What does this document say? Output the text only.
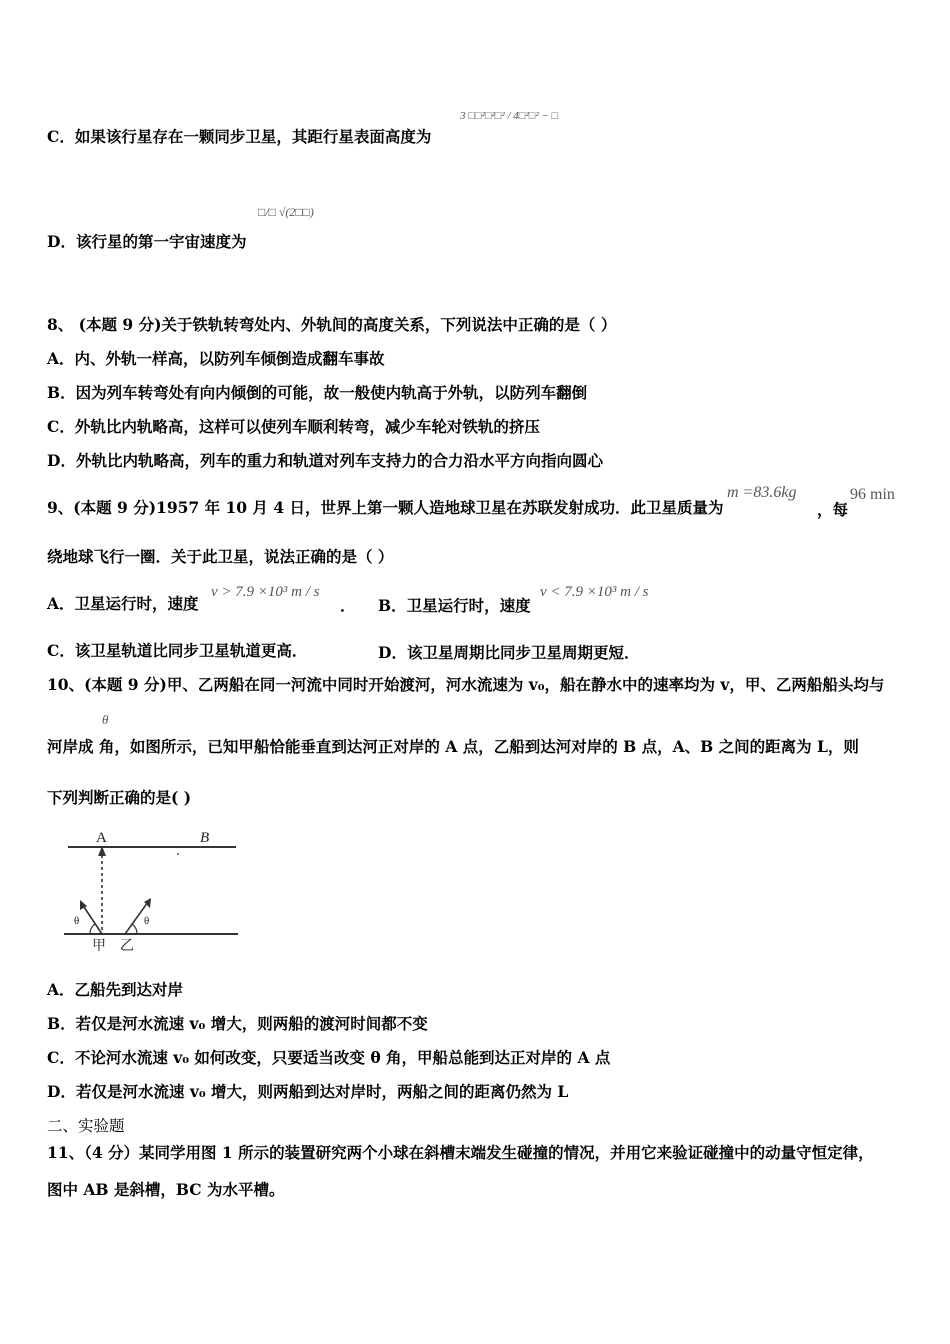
C．如果该行星存在一颗同步卫星，其距行星表面高度为
3 □□²□²□² / 4□²□² − □
D．该行星的第一宇宙速度为
□/□ √(2□□)
8、 (本题 9 分)关于铁轨转弯处内、外轨间的高度关系，下列说法中正确的是（ ）
A．内、外轨一样高，以防列车倾倒造成翻车事故
B．因为列车转弯处有向内倾倒的可能，故一般使内轨高于外轨，以防列车翻倒
C．外轨比内轨略高，这样可以使列车顺利转弯，减少车轮对铁轨的挤压
D．外轨比内轨略高，列车的重力和轨道对列车支持力的合力沿水平方向指向圆心
9、(本题 9 分)1957 年 10 月 4 日，世界上第一颗人造地球卫星在苏联发射成功．此卫星质量为
m =83.6kg
，每
96 min
绕地球飞行一圈．关于此卫星，说法正确的是（ ）
A．卫星运行时，速度
v > 7.9 ×10³ m / s
． B．卫星运行时，速度
v < 7.9 ×10³ m / s
C．该卫星轨道比同步卫星轨道更高．	D．该卫星周期比同步卫星周期更短．
10、(本题 9 分)甲、乙两船在同一河流中同时开始渡河，河水流速为 v₀，船在静水中的速率均为 v，甲、乙两船船头均与
θ
河岸成 角，如图所示，已知甲船恰能垂直到达河正对岸的 A 点，乙船到达河对岸的 B 点，A、B 之间的距离为 L，则
下列判断正确的是( )
A	B
θ	θ
甲 乙
A．乙船先到达对岸
B．若仅是河水流速 v₀ 增大，则两船的渡河时间都不变
C．不论河水流速 v₀ 如何改变，只要适当改变 θ 角，甲船总能到达正对岸的 A 点
D．若仅是河水流速 v₀ 增大，则两船到达对岸时，两船之间的距离仍然为 L
二、实验题
11、（4 分）某同学用图 1 所示的装置研究两个小球在斜槽末端发生碰撞的情况，并用它来验证碰撞中的动量守恒定律，
图中 AB 是斜槽，BC 为水平槽。
